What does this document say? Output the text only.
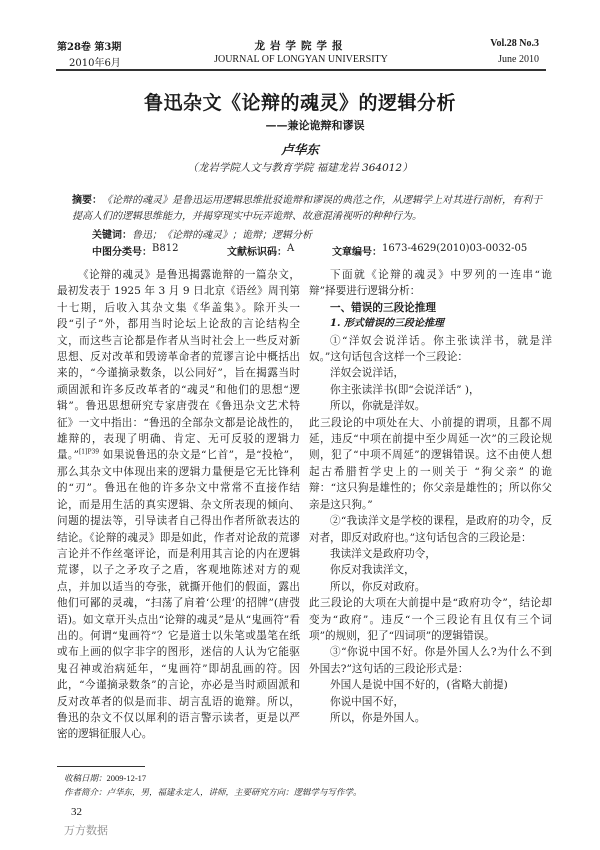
第28卷 第3期
2010年6月
龙岩学院学报
JOURNAL OF LONGYAN UNIVERSITY
Vol.28 No.3
June 2010
鲁迅杂文《论辩的魂灵》的逻辑分析
——兼论诡辩和谬误
卢华东
（龙岩学院人文与教育学院 福建龙岩 364012）
摘要：《论辩的魂灵》是鲁迅运用逻辑思维批驳诡辩和谬误的典范之作，从逻辑学上对其进行剖析，有利于提高人们的逻辑思维能力，并揭穿现实中玩弄诡辩、故意混淆视听的种种行为。
关键词：鲁迅；《论辩的魂灵》；诡辩；逻辑分析
中图分类号： B812	文献标识码： A	文章编号： 1673-4629(2010)03-0032-05

《论辩的魂灵》是鲁迅揭露诡辩的一篇杂文，最初发表于 1925 年 3 月 9 日北京《语丝》周刊第十七期，后收入其杂文集《华盖集》。除开头一段“引子”外，都用当时论坛上论敌的言论结构全文，而这些言论都是作者从当时社会上一些反对新思想、反对改革和毁谤革命者的荒谬言论中概括出来的，“今谨摘录数条，以公同好”，旨在揭露当时顽固派和许多反改革者的“魂灵”和他们的思想“逻辑”。鲁迅思想研究专家唐弢在《鲁迅杂文艺术特征》一文中指出：“鲁迅的全部杂文都是论战性的，雄辩的，表现了明确、肯定、无可反驳的逻辑力量。”$^{[1]P39}$ 如果说鲁迅的杂文是“匕首”，是“投枪”，那么其杂文中体现出来的逻辑力量便是它无比锋利的“刃”。鲁迅在他的许多杂文中常常不直接作结论，而是用生活的真实逻辑、杂文所表现的倾向、问题的提法等，引导读者自己得出作者所欲表达的结论。《论辩的魂灵》即是如此，作者对论敌的荒谬言论并不作丝毫评论，而是利用其言论的内在逻辑荒谬，以子之矛攻子之盾，客观地陈述对方的观点，并加以适当的夸张，就撕开他们的假面，露出他们可鄙的灵魂，“扫荡了肩着‘公理’的招牌”(唐弢语)。如文章开头点出“论辩的魂灵”是从“鬼画符”看出的。何谓“鬼画符”？它是道士以朱笔或墨笔在纸或布上画的似字非字的图形，迷信的人认为它能驱鬼召神或治病延年，“鬼画符”即胡乱画的符。因此，“今谨摘录数条”的言论，亦必是当时顽固派和反对改革者的似是而非、胡言乱语的诡辩。所以，鲁迅的杂文不仅以犀利的语言警示读者，更是以严密的逻辑征服人心。

下面就《论辩的魂灵》中罗列的一连串“诡辩”择要进行逻辑分析：

一、错误的三段论推理

1. 形式错误的三段论推理

①“洋奴会说洋话。你主张读洋书，就是洋奴。”这句话包含这样一个三段论：

洋奴会说洋话，

你主张读洋书(即“会说洋话” )，

所以，你就是洋奴。

此三段论的中项处在大、小前提的谓项，且都不周延，违反“中项在前提中至少周延一次”的三段论规则，犯了“中项不周延”的逻辑错误。这不由使人想起古希腊哲学史上的一则关于 “狗父亲” 的诡辩：“这只狗是雄性的；你父亲是雄性的；所以你父亲是这只狗。”

②“我读洋文是学校的课程，是政府的功令，反对者，即反对政府也。”这句话包含的三段论是：

我读洋文是政府功令，

你反对我读洋文，

所以，你反对政府。

此三段论的大项在大前提中是“政府功令”，结论却变为“政府”。违反“一个三段论有且仅有三个词项”的规则，犯了“四词项”的逻辑错误。

③“你说中国不好。你是外国人么?为什么不到外国去?”这句话的三段论形式是：

外国人是说中国不好的，(省略大前提)

你说中国不好，

所以，你是外国人。

收稿日期：2009-12-17
作者简介：卢华东，男，福建永定人，讲师，主要研究方向：逻辑学与写作学。
32
万方数据
